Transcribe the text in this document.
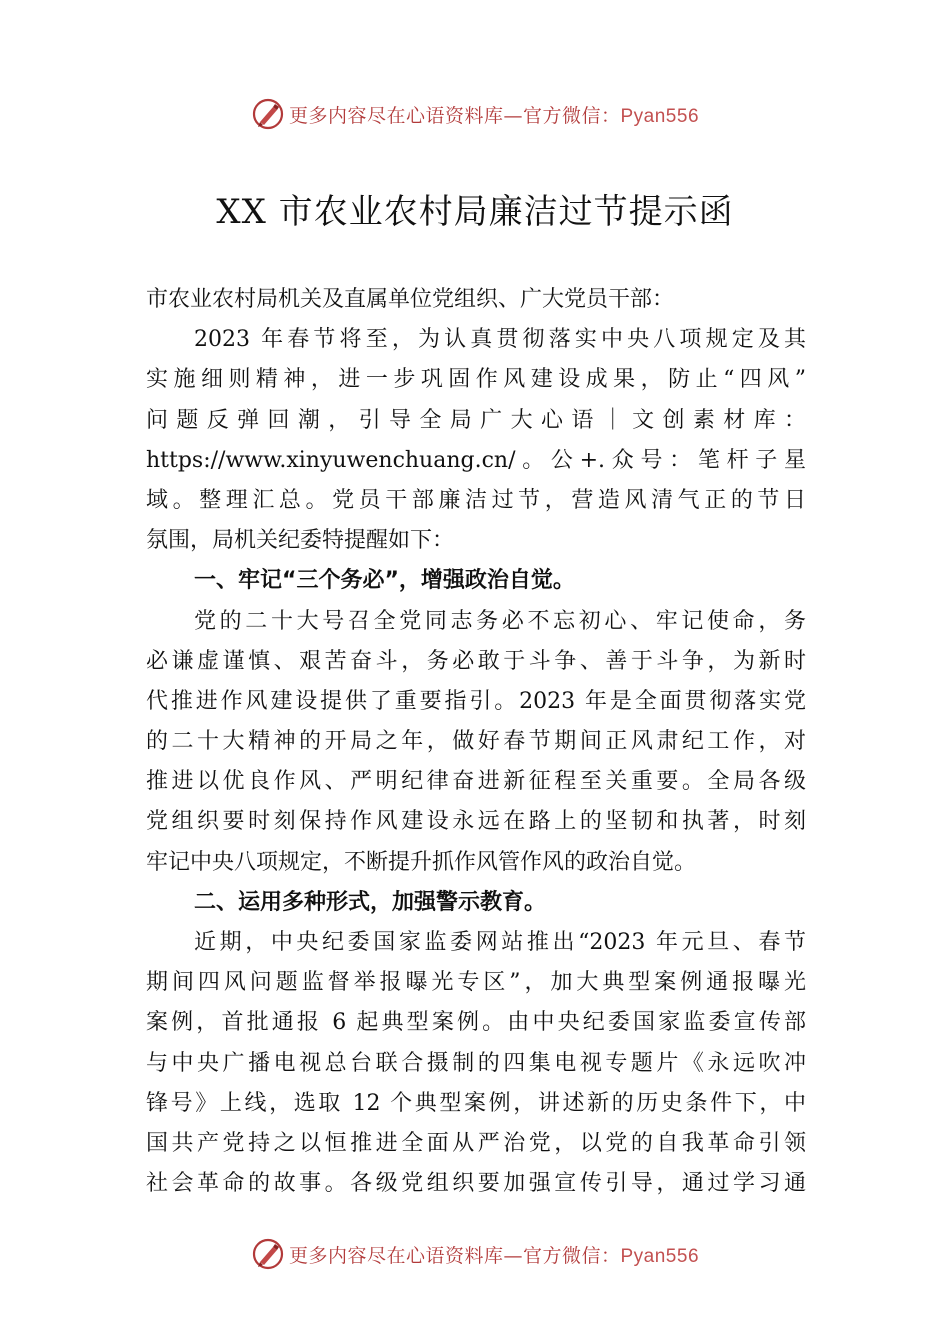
更多内容尽在心语资料库—官方微信：Pyan556
XX 市农业农村局廉洁过节提示函
市农业农村局机关及直属单位党组织、广大党员干部：
2023 年春节将至，为认真贯彻落实中央八项规定及其
实施细则精神，进一步巩固作风建设成果，防止“四风”
问题反弹回潮，引导全局广大心语｜文创素材库：
https://www.xinyuwenchuang.cn/。公+.众号：笔杆子星
域。整理汇总。党员干部廉洁过节，营造风清气正的节日
氛围，局机关纪委特提醒如下：
一、牢记“三个务必”，增强政治自觉。
党的二十大号召全党同志务必不忘初心、牢记使命，务
必谦虚谨慎、艰苦奋斗，务必敢于斗争、善于斗争，为新时
代推进作风建设提供了重要指引。2023 年是全面贯彻落实党
的二十大精神的开局之年，做好春节期间正风肃纪工作，对
推进以优良作风、严明纪律奋进新征程至关重要。全局各级
党组织要时刻保持作风建设永远在路上的坚韧和执著，时刻
牢记中央八项规定，不断提升抓作风管作风的政治自觉。
二、运用多种形式，加强警示教育。
近期，中央纪委国家监委网站推出“2023 年元旦、春节
期间四风问题监督举报曝光专区”，加大典型案例通报曝光
案例，首批通报 6 起典型案例。由中央纪委国家监委宣传部
与中央广播电视总台联合摄制的四集电视专题片《永远吹冲
锋号》上线，选取 12 个典型案例，讲述新的历史条件下，中
国共产党持之以恒推进全面从严治党，以党的自我革命引领
社会革命的故事。各级党组织要加强宣传引导，通过学习通
更多内容尽在心语资料库—官方微信：Pyan556
